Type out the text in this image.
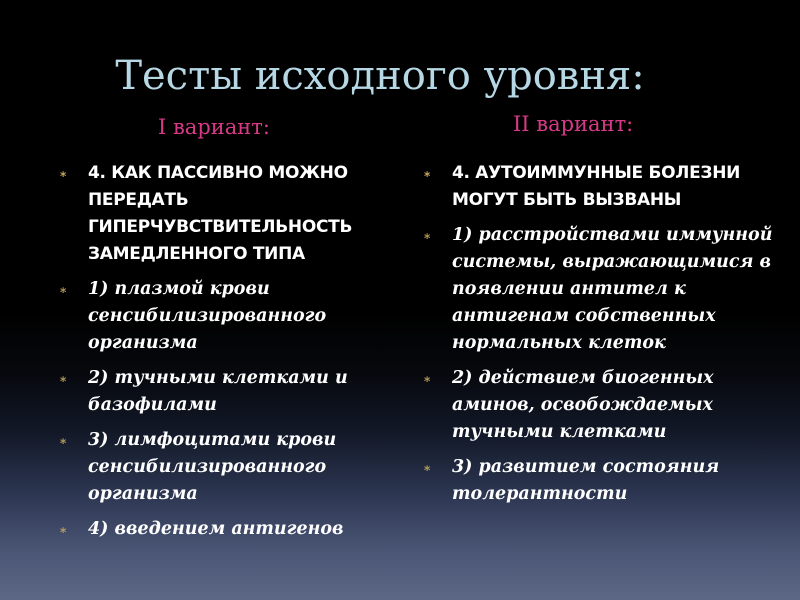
Тесты исходного уровня:
I вариант:	II вариант:
⁎ 4. КАК ПАССИВНО МОЖНО ПЕРЕДАТЬ ГИПЕРЧУВСТВИТЕЛЬНОСТЬ ЗАМЕДЛЕННОГО ТИПА
⁎ 1) плазмой крови сенсибилизированного организма
⁎ 2) тучными клетками и базофилами
⁎ 3) лимфоцитами крови сенсибилизированного организма
⁎ 4) введением антигенов
⁎ 4. АУТОИММУННЫЕ БОЛЕЗНИ МОГУТ БЫТЬ ВЫЗВАНЫ
⁎ 1) расстройствами иммунной системы, выражающимися в появлении антител к антигенам собственных нормальных клеток
⁎ 2) действием биогенных аминов, освобождаемых тучными клетками
⁎ 3) развитием состояния толерантности
